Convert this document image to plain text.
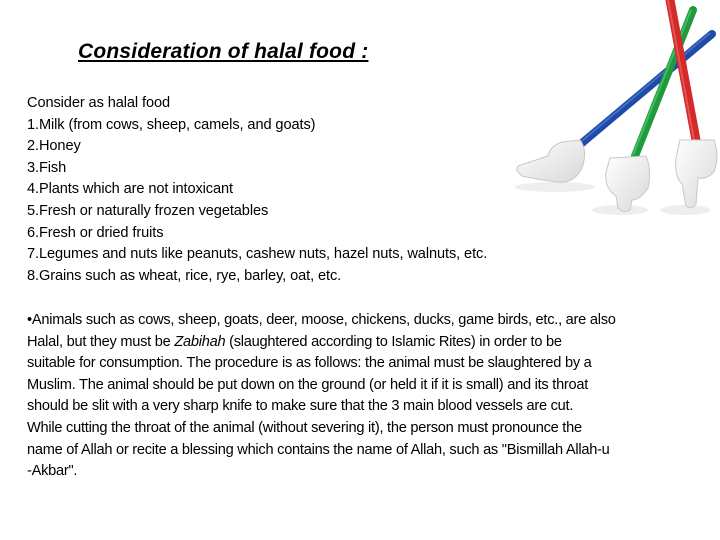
Consideration of halal food :
Consider as halal food
1.Milk (from cows, sheep, camels, and goats)
2.Honey
3.Fish
4.Plants which are not intoxicant
5.Fresh or naturally frozen vegetables
6.Fresh or dried fruits
7.Legumes and nuts like peanuts, cashew nuts, hazel nuts, walnuts, etc.
8.Grains such as wheat, rice, rye, barley, oat, etc.
•Animals such as cows, sheep, goats, deer, moose, chickens, ducks, game birds, etc., are also
Halal, but they must be Zabihah (slaughtered according to Islamic Rites) in order to be
suitable for consumption. The procedure is as follows: the animal must be slaughtered by a
Muslim. The animal should be put down on the ground (or held it if it is small) and its throat
should be slit with a very sharp knife to make sure that the 3 main blood vessels are cut.
While cutting the throat of the animal (without severing it), the person must pronounce the
name of Allah or recite a blessing which contains the name of Allah, such as "Bismillah Allah-u
-Akbar".
